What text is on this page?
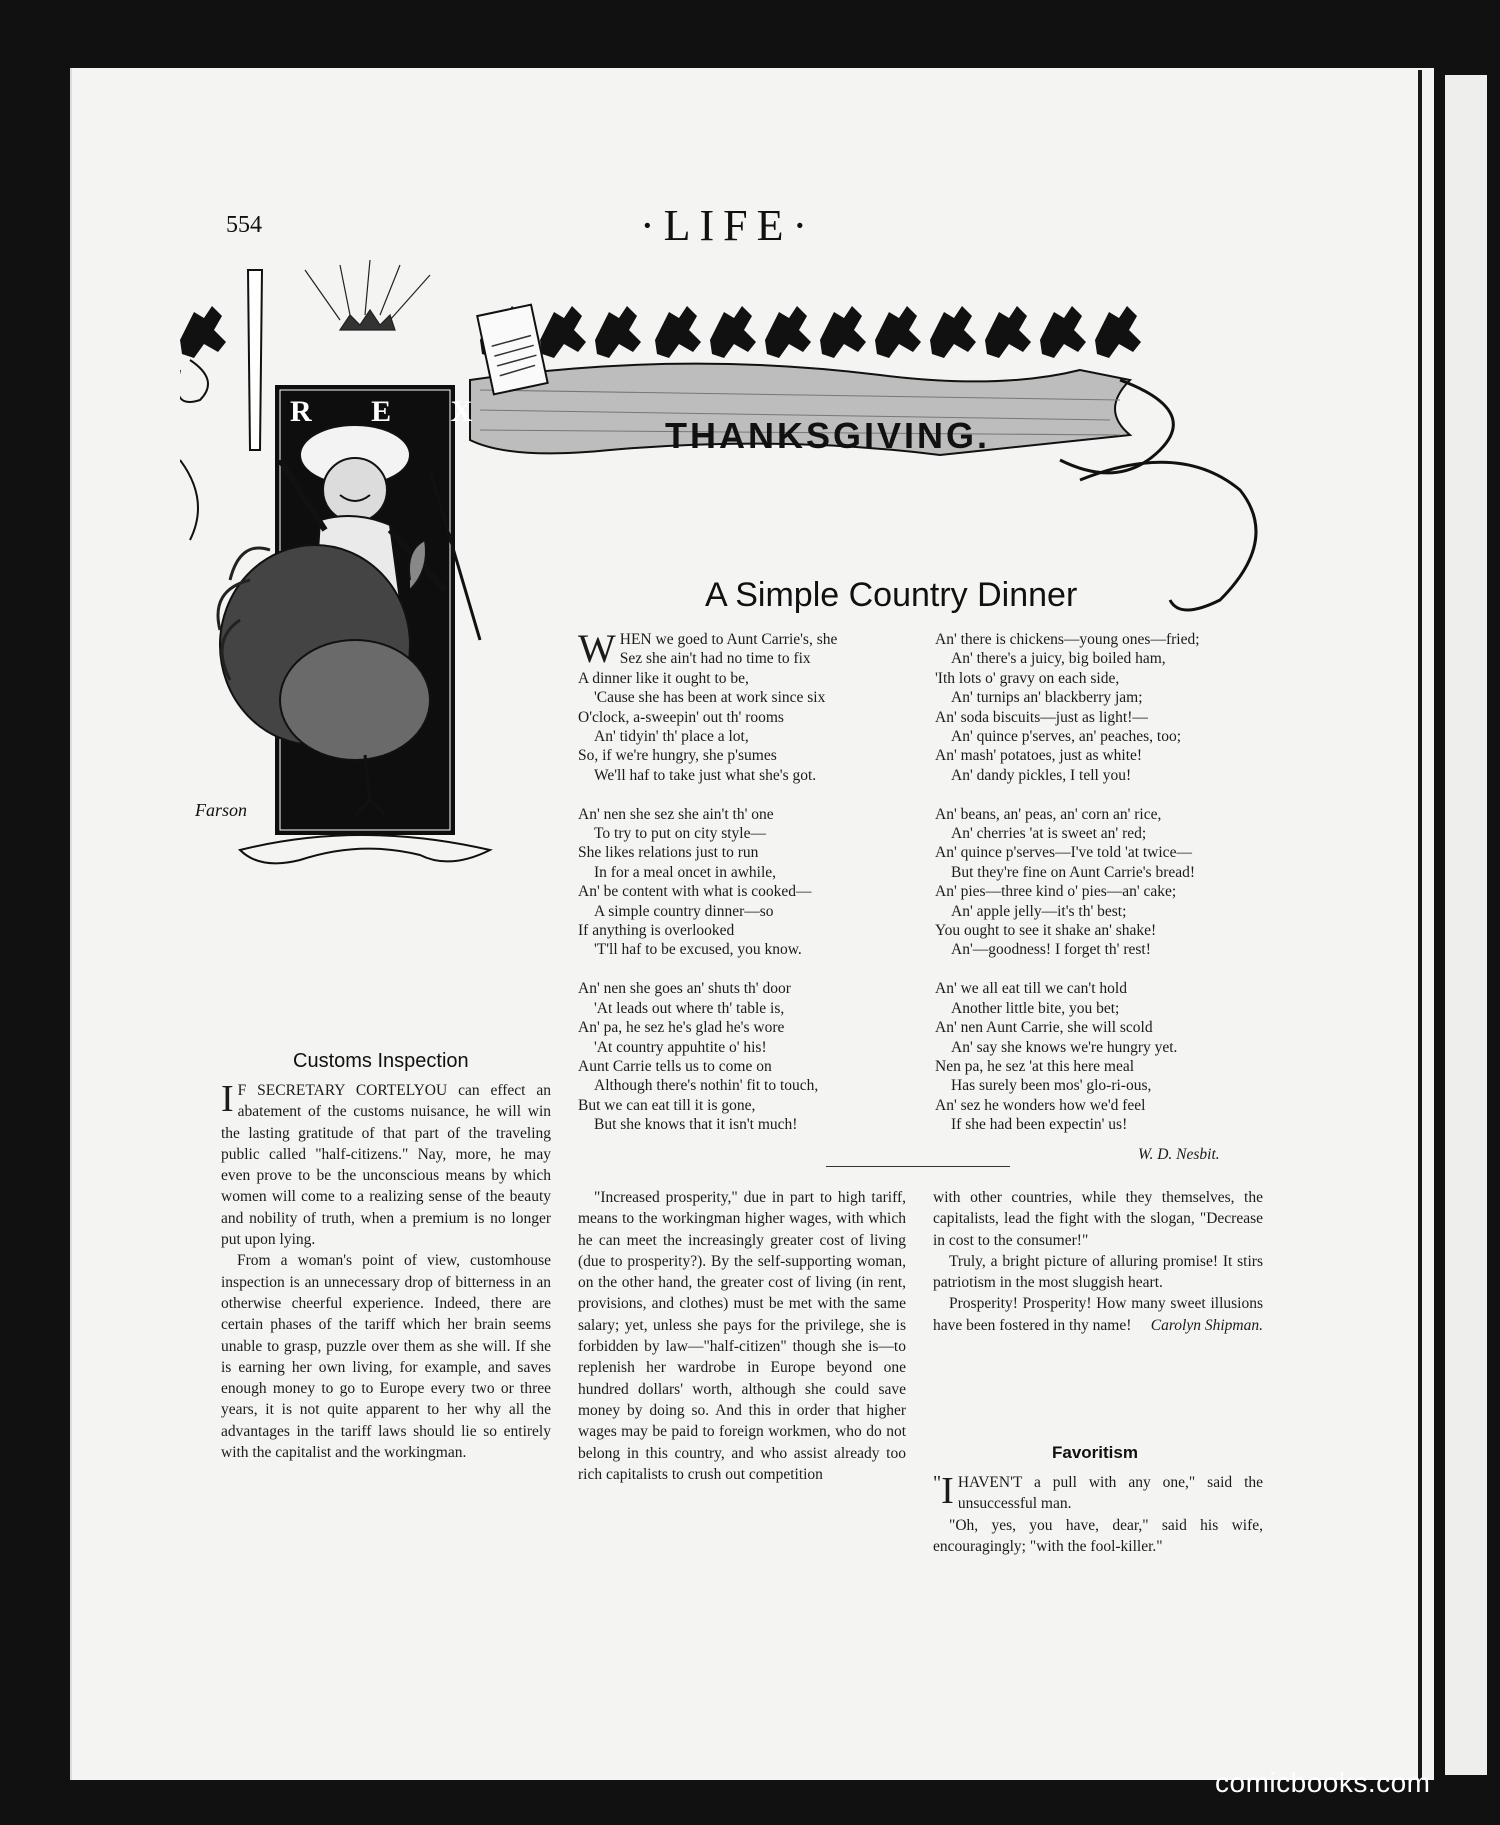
554	·LIFE·
THANKSGIVING.
R E X
Farson
A Simple Country Dinner
W HEN we goed to Aunt Carrie's, she
Sez she ain't had no time to fix
A dinner like it ought to be,
'Cause she has been at work since six
O'clock, a-sweepin' out th' rooms
An' tidyin' th' place a lot,
So, if we're hungry, she p'sumes
We'll haf to take just what she's got.
An' nen she sez she ain't th' one
To try to put on city style—
She likes relations just to run
In for a meal oncet in awhile,
An' be content with what is cooked—
A simple country dinner—so
If anything is overlooked
'T'll haf to be excused, you know.
An' nen she goes an' shuts th' door
'At leads out where th' table is,
An' pa, he sez he's glad he's wore
'At country appuhtite o' his!
Aunt Carrie tells us to come on
Although there's nothin' fit to touch,
But we can eat till it is gone,
But she knows that it isn't much!
An' there is chickens—young ones—fried;
An' there's a juicy, big boiled ham,
'Ith lots o' gravy on each side,
An' turnips an' blackberry jam;
An' soda biscuits—just as light!—
An' quince p'serves, an' peaches, too;
An' mash' potatoes, just as white!
An' dandy pickles, I tell you!
An' beans, an' peas, an' corn an' rice,
An' cherries 'at is sweet an' red;
An' quince p'serves—I've told 'at twice—
But they're fine on Aunt Carrie's bread!
An' pies—three kind o' pies—an' cake;
An' apple jelly—it's th' best;
You ought to see it shake an' shake!
An'—goodness! I forget th' rest!
An' we all eat till we can't hold
Another little bite, you bet;
An' nen Aunt Carrie, she will scold
An' say she knows we're hungry yet.
Nen pa, he sez 'at this here meal
Has surely been mos' glo-ri-ous,
An' sez he wonders how we'd feel
If she had been expectin' us!
W. D. Nesbit.
Customs Inspection

I F SECRETARY CORTELYOU can effect an abatement of the customs nuisance, he will win the lasting gratitude of that part of the traveling public called "half-citizens." Nay, more, he may even prove to be the unconscious means by which women will come to a realizing sense of the beauty and nobility of truth, when a premium is no longer put upon lying.

From a woman's point of view, customhouse inspection is an unnecessary drop of bitterness in an otherwise cheerful experience. Indeed, there are certain phases of the tariff which her brain seems unable to grasp, puzzle over them as she will. If she is earning her own living, for example, and saves enough money to go to Europe every two or three years, it is not quite apparent to her why all the advantages in the tariff laws should lie so entirely with the capitalist and the workingman.

"Increased prosperity," due in part to high tariff, means to the workingman higher wages, with which he can meet the increasingly greater cost of living (due to prosperity?). By the self-supporting woman, on the other hand, the greater cost of living (in rent, provisions, and clothes) must be met with the same salary; yet, unless she pays for the privilege, she is forbidden by law—"half-citizen" though she is—to replenish her wardrobe in Europe beyond one hundred dollars' worth, although she could save money by doing so. And this in order that higher wages may be paid to foreign workmen, who do not belong in this country, and who assist already too rich capitalists to crush out competition

with other countries, while they themselves, the capitalists, lead the fight with the slogan, "Decrease in cost to the consumer!"

Truly, a bright picture of alluring promise! It stirs patriotism in the most sluggish heart.

Prosperity! Prosperity! How many sweet illusions have been fostered in thy name!	Carolyn Shipman.

Favoritism

" I HAVEN'T a pull with any one," said the unsuccessful man.

"Oh, yes, you have, dear," said his wife, encouragingly; "with the fool-killer."

comicbooks.com
